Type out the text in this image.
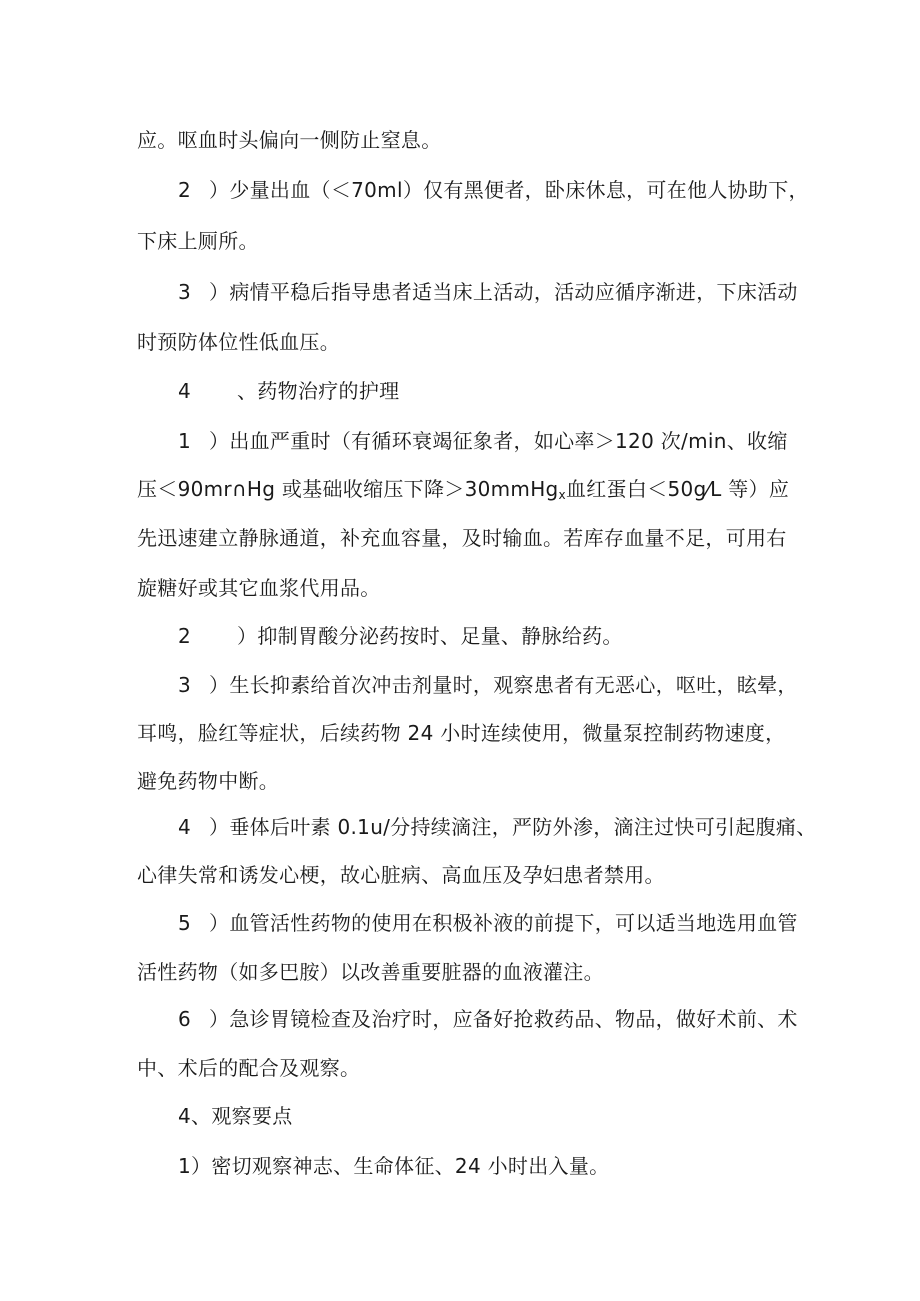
应。呕血时头偏向一侧防止窒息。
2 ）少量出血（＜70ml）仅有黑便者，卧床休息，可在他人协助下，
下床上厕所。
3 ）病情平稳后指导患者适当床上活动，活动应循序渐进，下床活动
时预防体位性低血压。
4 、药物治疗的护理
1 ）出血严重时（有循环衰竭征象者，如心率＞120 次/min、收缩
压＜90mr∩Hg 或基础收缩压下降＞30mmHg$_x$血红蛋白＜50g⁄L 等）应
先迅速建立静脉通道，补充血容量，及时输血。若库存血量不足，可用右
旋糖好或其它血浆代用品。
2 ）抑制胃酸分泌药按时、足量、静脉给药。
3 ）生长抑素给首次冲击剂量时，观察患者有无恶心，呕吐，眩晕，
耳鸣，脸红等症状，后续药物 24 小时连续使用，微量泵控制药物速度，
避免药物中断。
4 ）垂体后叶素 0.1u/分持续滴注，严防外渗，滴注过快可引起腹痛、
心律失常和诱发心梗，故心脏病、高血压及孕妇患者禁用。
5 ）血管活性药物的使用在积极补液的前提下，可以适当地选用血管
活性药物（如多巴胺）以改善重要脏器的血液灌注。
6 ）急诊胃镜检查及治疗时，应备好抢救药品、物品，做好术前、术
中、术后的配合及观察。
4、观察要点
1）密切观察神志、生命体征、24 小时出入量。
